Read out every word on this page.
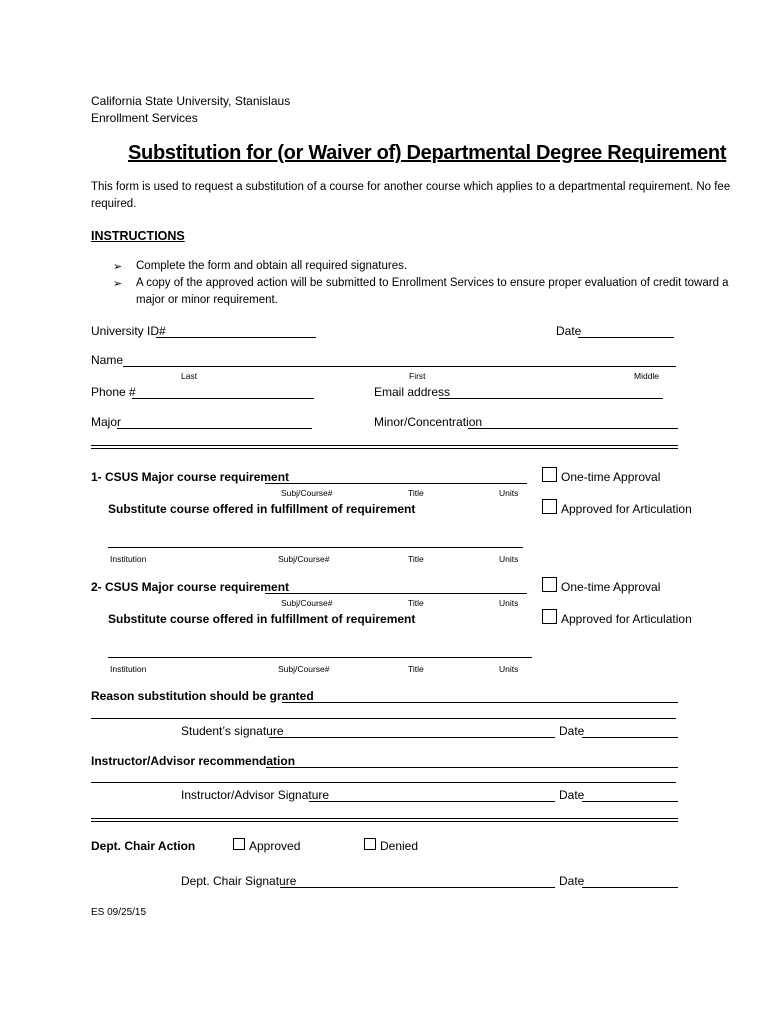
California State University, Stanislaus
Enrollment Services
Substitution for (or Waiver of) Departmental Degree Requirement
This form is used to request a substitution of a course for another course which applies to a departmental requirement. No fee
required.
INSTRUCTIONS
➢ Complete the form and obtain all required signatures.
➢ A copy of the approved action will be submitted to Enrollment Services to ensure proper evaluation of credit toward a
major or minor requirement.
University ID#	Date
Name
Last	First	Middle
Phone #	Email address
Major	Minor/Concentration
1- CSUS Major course requirement
Subj/Course#	Title	Units
One-time Approval
Approved for Articulation
Substitute course offered in fulfillment of requirement
Institution	Subj/Course#	Title	Units
2- CSUS Major course requirement
Subj/Course#	Title	Units
One-time Approval
Approved for Articulation
Substitute course offered in fulfillment of requirement
Institution	Subj/Course#	Title	Units
Reason substitution should be granted
Student’s signature	Date
Instructor/Advisor recommendation
Instructor/Advisor Signature	Date
Dept. Chair Action	Approved	Denied
Dept. Chair Signature	Date
ES 09/25/15
